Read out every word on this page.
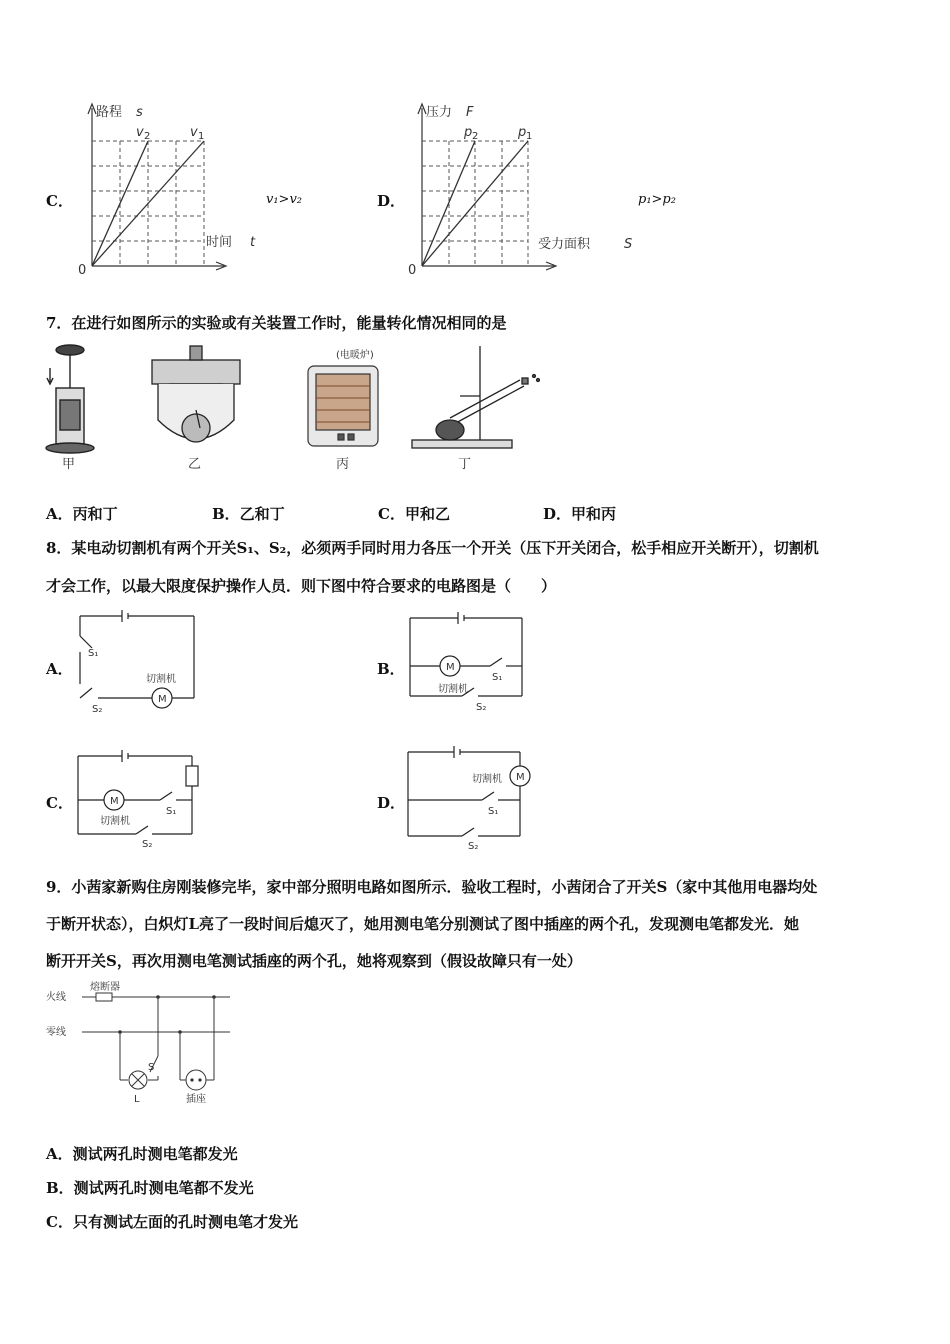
C．
路程 s
时间 t
0
v 2	v 1
v₁>v₂	D．
压力 F
受力面积	S
0
p 2	p 1
p₁>p₂
7．在进行如图所示的实验或有关装置工作时，能量转化情况相同的是
甲	乙
(电暖炉)
丙	丁
A．丙和丁	B．乙和丁	C．甲和乙	D．甲和丙
8．某电动切割机有两个开关S₁、S₂，必须两手同时用力各压一个开关（压下开关闭合，松手相应开关断开），切割机
才会工作，以最大限度保护操作人员．则下图中符合要求的电路图是（　　）
A．
M
切割机
S₁
S₂
B．	M
切割机
S₁
S₂
C．	M
切割机
S₁
S₂
D．
M
切割机
S₁
S₂
9．小茜家新购住房刚装修完毕，家中部分照明电路如图所示．验收工程时，小茜闭合了开关S（家中其他用电器均处
于断开状态），白炽灯L亮了一段时间后熄灭了，她用测电笔分别测试了图中插座的两个孔，发现测电笔都发光．她
断开开关S，再次用测电笔测试插座的两个孔，她将观察到（假设故障只有一处）
火线
零线
熔断器
S
L	插座
A．测试两孔时测电笔都发光
B．测试两孔时测电笔都不发光
C．只有测试左面的孔时测电笔才发光
